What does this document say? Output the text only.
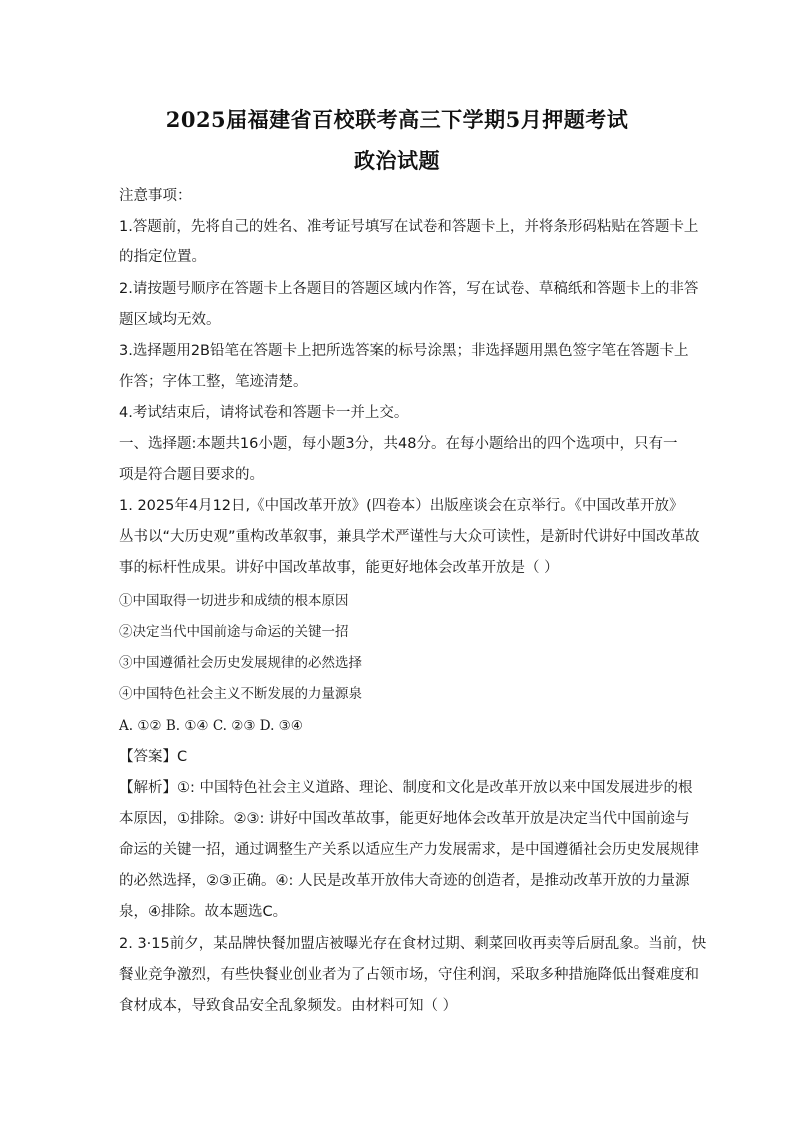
2025届福建省百校联考高三下学期5月押题考试
政治试题
注意事项：
1.答题前，先将自己的姓名、准考证号填写在试卷和答题卡上，并将条形码粘贴在答题卡上
的指定位置。
2.请按题号顺序在答题卡上各题目的答题区域内作答，写在试卷、草稿纸和答题卡上的非答
题区域均无效。
3.选择题用2B铅笔在答题卡上把所选答案的标号涂黑；非选择题用黑色签字笔在答题卡上
作答；字体工整，笔迹清楚。
4.考试结束后，请将试卷和答题卡一并上交。
一、选择题:本题共16小题，每小题3分，共48分。在每小题给出的四个选项中，只有一
项是符合题目要求的。
1. 2025年4月12日,《中国改革开放》(四卷本）出版座谈会在京举行。《中国改革开放》
丛书以“大历史观”重构改革叙事，兼具学术严谨性与大众可读性，是新时代讲好中国改革故
事的标杆性成果。讲好中国改革故事，能更好地体会改革开放是（ ）
①中国取得一切进步和成绩的根本原因
②决定当代中国前途与命运的关键一招
③中国遵循社会历史发展规律的必然选择
④中国特色社会主义不断发展的力量源泉
A. ①② B. ①④ C. ②③ D. ③④
【答案】C
【解析】①: 中国特色社会主义道路、理论、制度和文化是改革开放以来中国发展进步的根
本原因，①排除。②③: 讲好中国改革故事，能更好地体会改革开放是决定当代中国前途与
命运的关键一招，通过调整生产关系以适应生产力发展需求，是中国遵循社会历史发展规律
的必然选择，②③正确。④: 人民是改革开放伟大奇迹的创造者，是推动改革开放的力量源
泉，④排除。故本题选C。
2. 3·15前夕，某品牌快餐加盟店被曝光存在食材过期、剩菜回收再卖等后厨乱象。当前，快
餐业竞争激烈，有些快餐业创业者为了占领市场，守住利润，采取多种措施降低出餐难度和
食材成本，导致食品安全乱象频发。由材料可知（ ）
